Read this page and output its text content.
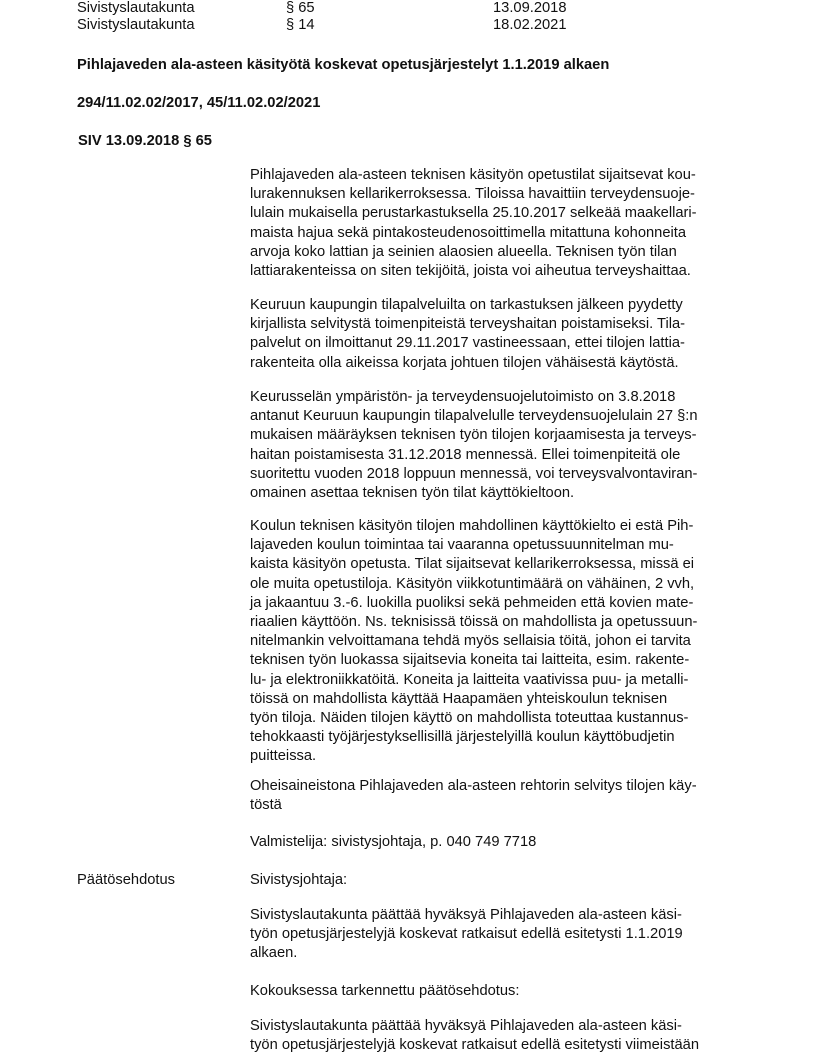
Sivistyslautakunta	§ 65	13.09.2018
Sivistyslautakunta	§ 14	18.02.2021
Pihlajaveden ala-asteen käsityötä koskevat opetusjärjestelyt 1.1.2019 alkaen
294/11.02.02/2017, 45/11.02.02/2021
SIV 13.09.2018 § 65
Pihlajaveden ala-asteen teknisen käsityön opetustilat sijaitsevat kou-
lurakennuksen kellarikerroksessa. Tiloissa havaittiin terveydensuoje-
lulain mukaisella perustarkastuksella 25.10.2017 selkeää maakellari-
maista hajua sekä pintakosteudenosoittimella mitattuna kohonneita
arvoja koko lattian ja seinien alaosien alueella. Teknisen työn tilan
lattiarakenteissa on siten tekijöitä, joista voi aiheutua terveyshaittaa.
Keuruun kaupungin tilapalveluilta on tarkastuksen jälkeen pyydetty
kirjallista selvitystä toimenpiteistä terveyshaitan poistamiseksi. Tila-
palvelut on ilmoittanut 29.11.2017 vastineessaan, ettei tilojen lattia-
rakenteita olla aikeissa korjata johtuen tilojen vähäisestä käytöstä.
Keurusselän ympäristön- ja terveydensuojelutoimisto on 3.8.2018
antanut Keuruun kaupungin tilapalvelulle terveydensuojelulain 27 §:n
mukaisen määräyksen teknisen työn tilojen korjaamisesta ja terveys-
haitan poistamisesta 31.12.2018 mennessä. Ellei toimenpiteitä ole
suoritettu vuoden 2018 loppuun mennessä, voi terveysvalvontaviran-
omainen asettaa teknisen työn tilat käyttökieltoon.
Koulun teknisen käsityön tilojen mahdollinen käyttökielto ei estä Pih-
lajaveden koulun toimintaa tai vaaranna opetussuunnitelman mu-
kaista käsityön opetusta. Tilat sijaitsevat kellarikerroksessa, missä ei
ole muita opetustiloja. Käsityön viikkotuntimäärä on vähäinen, 2 vvh,
ja jakaantuu 3.-6. luokilla puoliksi sekä pehmeiden että kovien mate-
riaalien käyttöön. Ns. teknisissä töissä on mahdollista ja opetussuun-
nitelmankin velvoittamana tehdä myös sellaisia töitä, johon ei tarvita
teknisen työn luokassa sijaitsevia koneita tai laitteita, esim. rakente-
lu- ja elektroniikkatöitä. Koneita ja laitteita vaativissa puu- ja metalli-
töissä on mahdollista käyttää Haapamäen yhteiskoulun teknisen
työn tiloja. Näiden tilojen käyttö on mahdollista toteuttaa kustannus-
tehokkaasti työjärjestyksellisillä järjestelyillä koulun käyttöbudjetin
puitteissa.
Oheisaineistona Pihlajaveden ala-asteen rehtorin selvitys tilojen käy-
töstä
Valmistelija: sivistysjohtaja, p. 040 749 7718
Päätösehdotus	Sivistysjohtaja:
Sivistyslautakunta päättää hyväksyä Pihlajaveden ala-asteen käsi-
työn opetusjärjestelyjä koskevat ratkaisut edellä esitetysti 1.1.2019
alkaen.
Kokouksessa tarkennettu päätösehdotus:
Sivistyslautakunta päättää hyväksyä Pihlajaveden ala-asteen käsi-
työn opetusjärjestelyjä koskevat ratkaisut edellä esitetysti viimeistään
